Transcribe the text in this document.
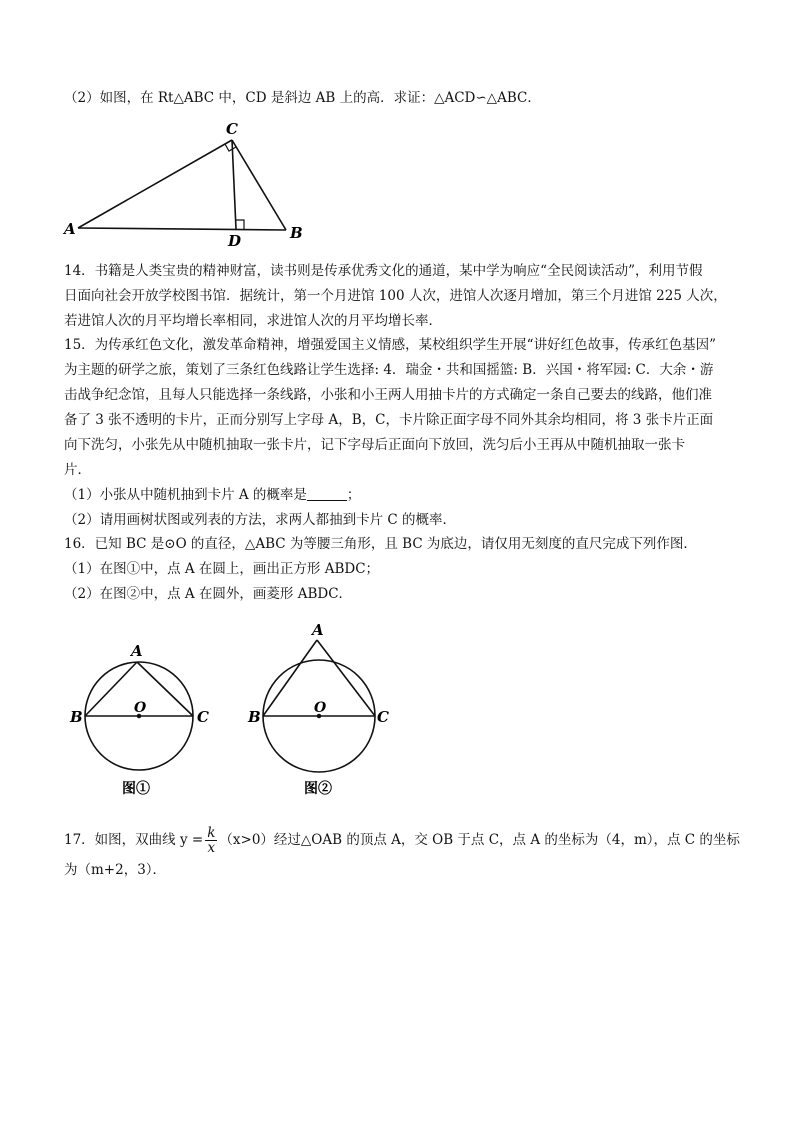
（2）如图，在 Rt△ABC 中，CD 是斜边 AB 上的高．求证：△ACD∽△ABC．
A	B
C
D
14．书籍是人类宝贵的精神财富，读书则是传承优秀文化的通道，某中学为响应“全民阅读活动”，利用节假
日面向社会开放学校图书馆．据统计，第一个月进馆 100 人次，进馆人次逐月增加，第三个月进馆 225 人次，
若进馆人次的月平均增长率相同，求进馆人次的月平均增长率．
15．为传承红色文化，激发革命精神，增强爱国主义情感，某校组织学生开展“讲好红色故事，传承红色基因”
为主题的研学之旅，策划了三条红色线路让学生选择: 4．瑞金・共和国摇篮: B．兴国・将军园: C．大余・游
击战争纪念馆，且每人只能选择一条线路，小张和小王两人用抽卡片的方式确定一条自己要去的线路，他们准
备了 3 张不透明的卡片，正而分别写上字母 A，B，C，卡片除正面字母不同外其余均相同，将 3 张卡片正面
向下洗匀，小张先从中随机抽取一张卡片，记下字母后正面向下放回，洗匀后小王再从中随机抽取一张卡
片．
（1）小张从中随机抽到卡片 A 的概率是	；
（2）请用画树状图或列表的方法，求两人都抽到卡片 C 的概率．
16．已知 BC 是⊙O 的直径，△ABC 为等腰三角形，且 BC 为底边，请仅用无刻度的直尺完成下列作图．
（1）在图①中，点 A 在圆上，画出正方形 ABDC；
（2）在图②中，点 A 在圆外，画菱形 ABDC．
A
B	O	C
图①
A
B	O	C
图②
17．如图，双曲线 $y = \frac{k}{x} (x>0)$经过△OAB 的顶点 A，交 OB 于点 C，点 A 的坐标为（4，m），点 C 的坐标
为（m+2，3）．
